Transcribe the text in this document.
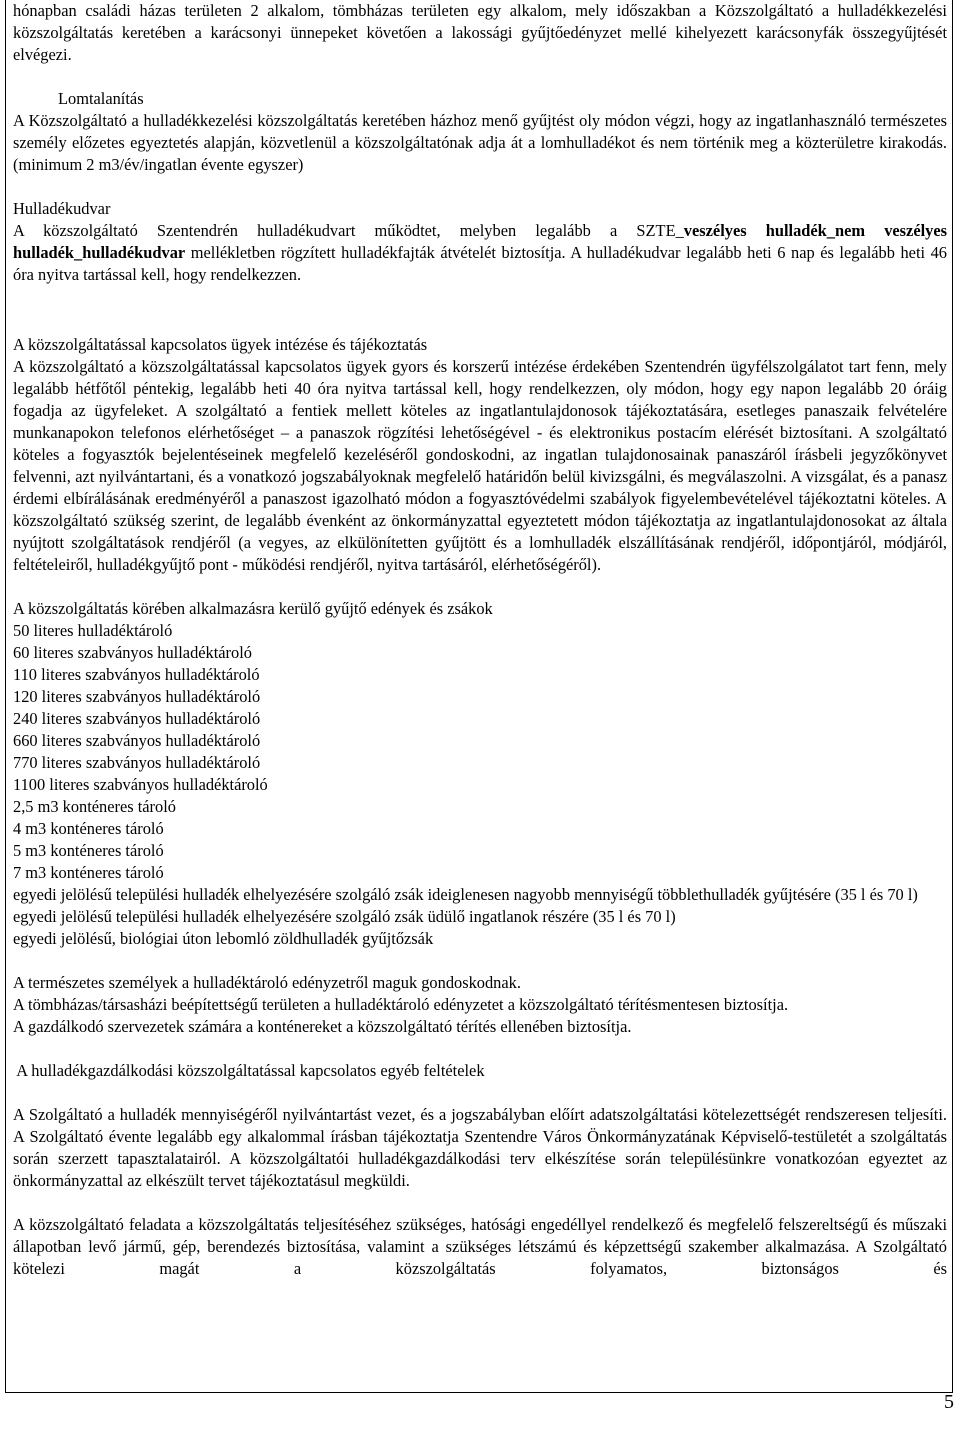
hónapban családi házas területen 2 alkalom, tömbházas területen egy alkalom, mely időszakban a Közszolgáltató a hulladékkezelési közszolgáltatás keretében a karácsonyi ünnepeket követően a lakossági gyűjtőedényzet mellé kihelyezett karácsonyfák összegyűjtését elvégezi.

Lomtalanítás

A Közszolgáltató a hulladékkezelési közszolgáltatás keretében házhoz menő gyűjtést oly módon végzi, hogy az ingatlanhasználó természetes személy előzetes egyeztetés alapján, közvetlenül a közszolgáltatónak adja át a lomhulladékot és nem történik meg a közterületre kirakodás. (minimum 2 m3/év/ingatlan évente egyszer)

Hulladékudvar

A közszolgáltató Szentendrén hulladékudvart működtet, melyben legalább a SZTE_veszélyes hulladék_nem veszélyes hulladék_hulladékudvar mellékletben rögzített hulladékfajták átvételét biztosítja. A hulladékudvar legalább heti 6 nap és legalább heti 46 óra nyitva tartással kell, hogy rendelkezzen.

A közszolgáltatással kapcsolatos ügyek intézése és tájékoztatás

A közszolgáltató a közszolgáltatással kapcsolatos ügyek gyors és korszerű intézése érdekében Szentendrén ügyfélszolgálatot tart fenn, mely legalább hétfőtől péntekig, legalább heti 40 óra nyitva tartással kell, hogy rendelkezzen, oly módon, hogy egy napon legalább 20 óráig fogadja az ügyfeleket. A szolgáltató a fentiek mellett köteles az ingatlantulajdonosok tájékoztatására, esetleges panaszaik felvételére munkanapokon telefonos elérhetőséget – a panaszok rögzítési lehetőségével - és elektronikus postacím elérését biztosítani. A szolgáltató köteles a fogyasztók bejelentéseinek megfelelő kezeléséről gondoskodni, az ingatlan tulajdonosainak panaszáról írásbeli jegyzőkönyvet felvenni, azt nyilvántartani, és a vonatkozó jogszabályoknak megfelelő határidőn belül kivizsgálni, és megválaszolni. A vizsgálat, és a panasz érdemi elbírálásának eredményéről a panaszost igazolható módon a fogyasztóvédelmi szabályok figyelembevételével tájékoztatni köteles. A közszolgáltató szükség szerint, de legalább évenként az önkormányzattal egyeztetett módon tájékoztatja az ingatlantulajdonosokat az általa nyújtott szolgáltatások rendjéről (a vegyes, az elkülönítetten gyűjtött és a lomhulladék elszállításának rendjéről, időpontjáról, módjáról, feltételeiről, hulladékgyűjtő pont - működési rendjéről, nyitva tartásáról, elérhetőségéről).

A közszolgáltatás körében alkalmazásra kerülő gyűjtő edények és zsákok

50 literes hulladéktároló

60 literes szabványos hulladéktároló

110 literes szabványos hulladéktároló

120 literes szabványos hulladéktároló

240 literes szabványos hulladéktároló

660 literes szabványos hulladéktároló

770 literes szabványos hulladéktároló

1100 literes szabványos hulladéktároló

2,5 m3 konténeres tároló

4 m3 konténeres tároló

5 m3 konténeres tároló

7 m3 konténeres tároló

egyedi jelölésű települési hulladék elhelyezésére szolgáló zsák ideiglenesen nagyobb mennyiségű többlethulladék gyűjtésére (35 l és 70 l)

egyedi jelölésű települési hulladék elhelyezésére szolgáló zsák üdülő ingatlanok részére (35 l és 70 l)

egyedi jelölésű, biológiai úton lebomló zöldhulladék gyűjtőzsák

A természetes személyek a hulladéktároló edényzetről maguk gondoskodnak.

A tömbházas/társasházi beépítettségű területen a hulladéktároló edényzetet a közszolgáltató térítésmentesen biztosítja.

A gazdálkodó szervezetek számára a konténereket a közszolgáltató térítés ellenében biztosítja.

A hulladékgazdálkodási közszolgáltatással kapcsolatos egyéb feltételek

A Szolgáltató a hulladék mennyiségéről nyilvántartást vezet, és a jogszabályban előírt adatszolgáltatási kötelezettségét rendszeresen teljesíti. A Szolgáltató évente legalább egy alkalommal írásban tájékoztatja Szentendre Város Önkormányzatának Képviselő-testületét a szolgáltatás során szerzett tapasztalatairól. A közszolgáltatói hulladékgazdálkodási terv elkészítése során településünkre vonatkozóan egyeztet az önkormányzattal az elkészült tervet tájékoztatásul megküldi.

A közszolgáltató feladata a közszolgáltatás teljesítéséhez szükséges, hatósági engedéllyel rendelkező és megfelelő felszereltségű és műszaki állapotban levő jármű, gép, berendezés biztosítása, valamint a szükséges létszámú és képzettségű szakember alkalmazása. A Szolgáltató kötelezi magát a közszolgáltatás folyamatos, biztonságos és

5
